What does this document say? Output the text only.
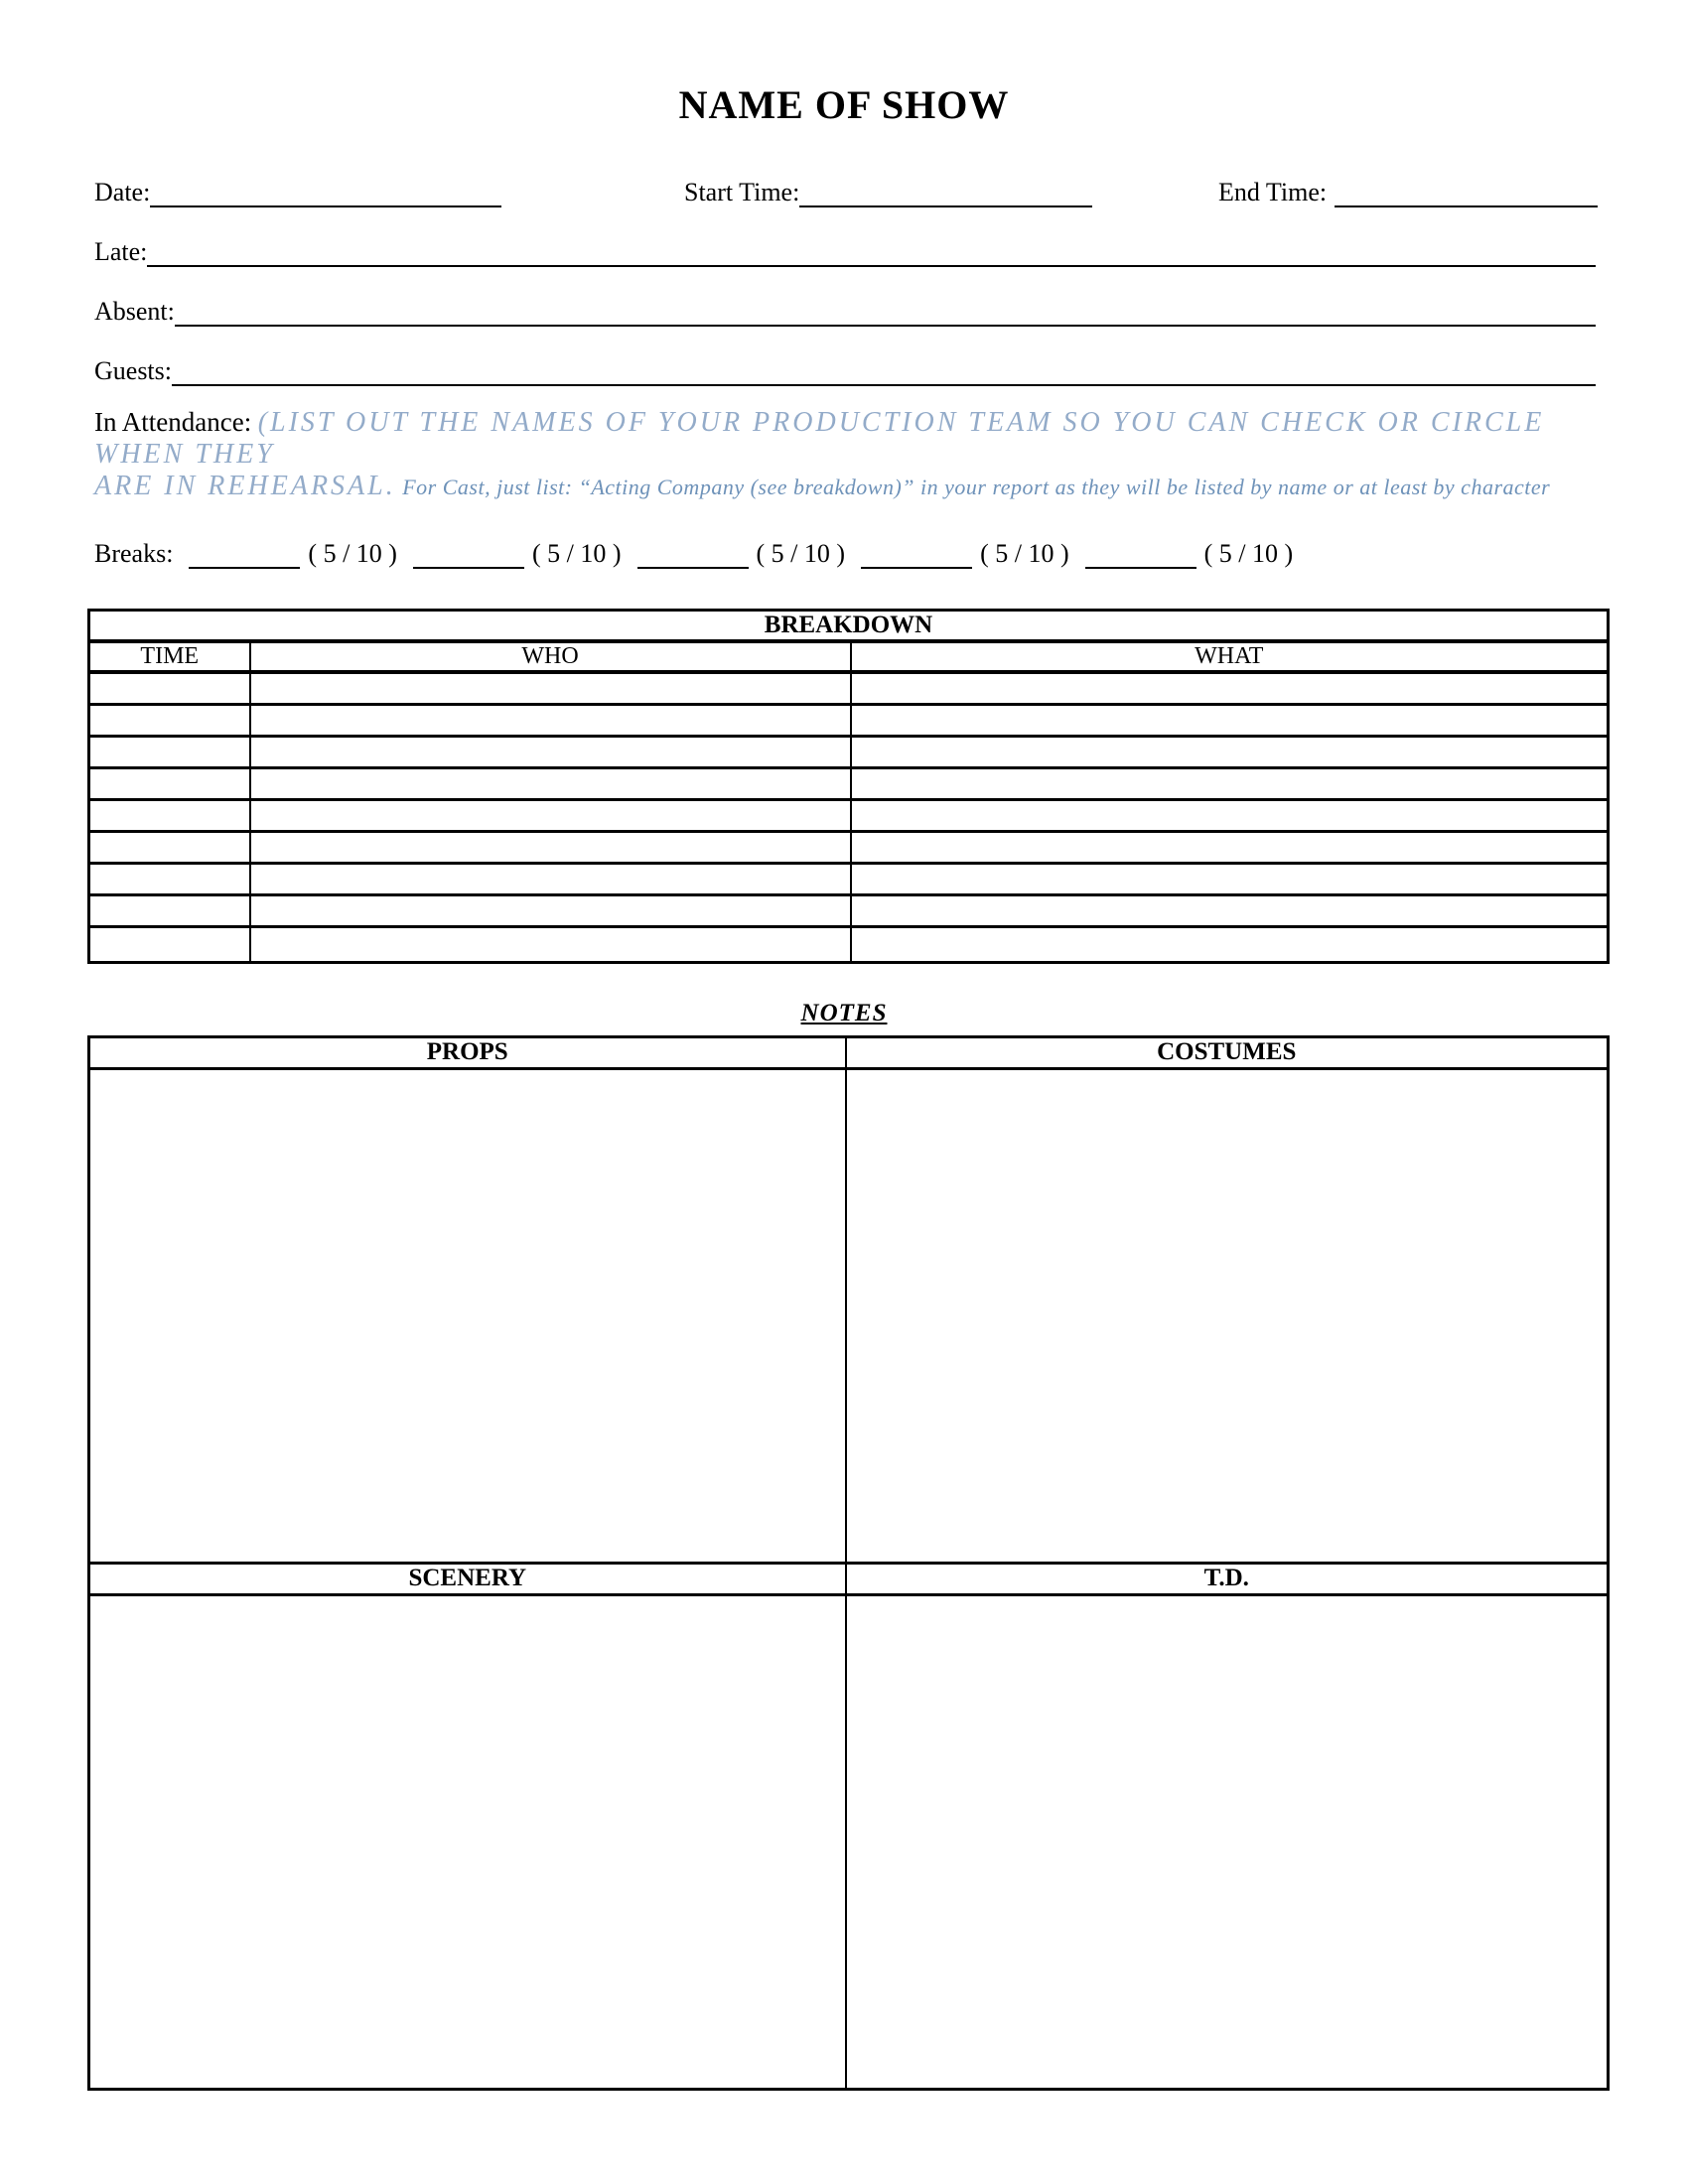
NAME OF SHOW
Date:	Start Time:	End Time:
Late:
Absent:
Guests:

In Attendance: (LIST OUT THE NAMES OF YOUR PRODUCTION TEAM SO YOU CAN CHECK OR CIRCLE WHEN THEY
ARE IN REHEARSAL. For Cast, just list: “Acting Company (see breakdown)” in your report as they will be listed by name or at least by character

Breaks:	( 5 / 10 )	( 5 / 10 )	( 5 / 10 )	( 5 / 10 )	( 5 / 10 )
BREAKDOWN		
TIME	WHO	WHAT

NOTES
PROPS	COSTUMES

SCENERY	T.D.
